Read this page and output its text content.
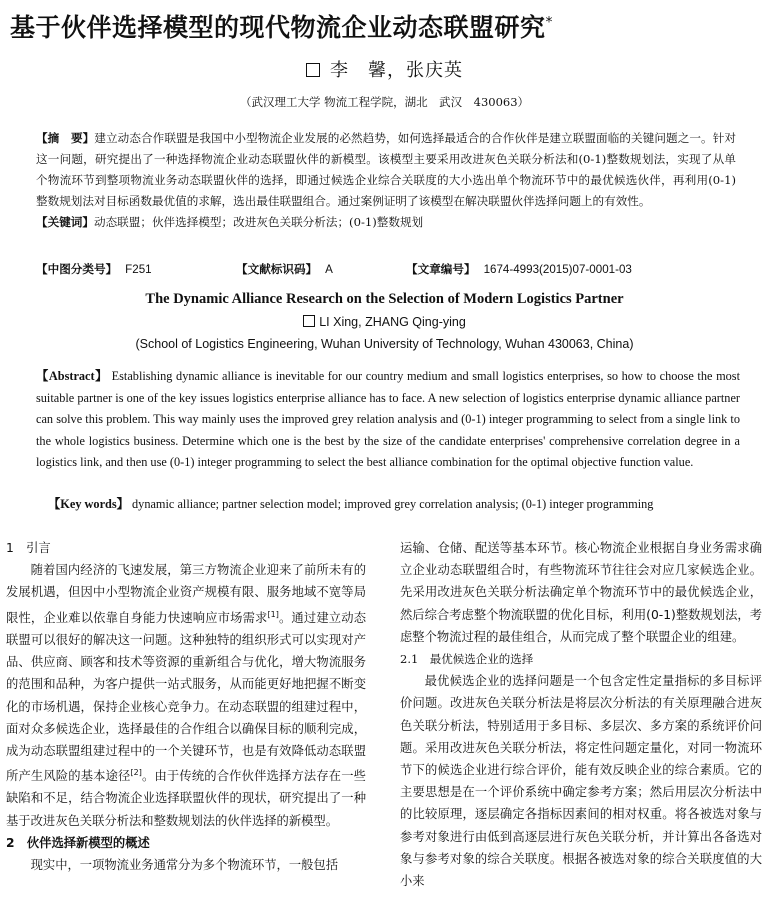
基于伙伴选择模型的现代物流企业动态联盟研究*
李　馨，张庆英
（武汉理工大学 物流工程学院，湖北　武汉　430063）
【摘　要】建立动态合作联盟是我国中小型物流企业发展的必然趋势，如何选择最适合的合作伙伴是建立联盟面临的关键问题之一。针对这一问题，研究提出了一种选择物流企业动态联盟伙伴的新模型。该模型主要采用改进灰色关联分析法和(0-1)整数规划法，实现了从单个物流环节到整项物流业务动态联盟伙伴的选择，即通过候选企业综合关联度的大小选出单个物流环节中的最优候选伙伴，再利用(0-1)整数规划法对目标函数最优值的求解，选出最佳联盟组合。通过案例证明了该模型在解决联盟伙伴选择问题上的有效性。
【关键词】动态联盟；伙伴选择模型；改进灰色关联分析法；(0-1)整数规划
【中图分类号】 F251	【文献标识码】 A	【文章编号】 1674-4993(2015)07-0001-03
The Dynamic Alliance Research on the Selection of Modern Logistics Partner
LI Xing, ZHANG Qing-ying
(School of Logistics Engineering, Wuhan University of Technology, Wuhan 430063, China)
【Abstract】 Establishing dynamic alliance is inevitable for our country medium and small logistics enterprises, so how to choose the most suitable partner is one of the key issues logistics enterprise alliance has to face. A new selection of logistics enterprise dynamic alliance partner can solve this problem. This way mainly uses the improved grey relation analysis and (0-1) integer programming to select from a single link to the whole logistics business. Determine which one is the best by the size of the candidate enterprises' comprehensive correlation degree in a logistics link, and then use (0-1) integer programming to select the best alliance combination for the optimal objective function value.
【Key words】 dynamic alliance; partner selection model; improved grey correlation analysis; (0-1) integer programming

1　引言

随着国内经济的飞速发展，第三方物流企业迎来了前所未有的发展机遇，但因中小型物流企业资产规模有限、服务地域不宽等局限性，企业难以依靠自身能力快速响应市场需求[1]。通过建立动态联盟可以很好的解决这一问题。这种独特的组织形式可以实现对产品、供应商、顾客和技术等资源的重新组合与优化，增大物流服务的范围和品种，为客户提供一站式服务，从而能更好地把握不断变化的市场机遇，保持企业核心竞争力。在动态联盟的组建过程中，面对众多候选企业，选择最佳的合作组合以确保目标的顺利完成，成为动态联盟组建过程中的一个关键环节，也是有效降低动态联盟所产生风险的基本途径[2]。由于传统的合作伙伴选择方法存在一些缺陷和不足，结合物流企业选择联盟伙伴的现状，研究提出了一种基于改进灰色关联分析法和整数规划法的伙伴选择的新模型。

2　伙伴选择新模型的概述

现实中，一项物流业务通常分为多个物流环节，一般包括

运输、仓储、配送等基本环节。核心物流企业根据自身业务需求确立企业动态联盟组合时，有些物流环节往往会对应几家候选企业。先采用改进灰色关联分析法确定单个物流环节中的最优候选企业，然后综合考虑整个物流联盟的优化目标，利用(0-1)整数规划法，考虑整个物流过程的最佳组合，从而完成了整个联盟企业的组建。

2.1　最优候选企业的选择

最优候选企业的选择问题是一个包含定性定量指标的多目标评价问题。改进灰色关联分析法是将层次分析法的有关原理融合进灰色关联分析法，特别适用于多目标、多层次、多方案的系统评价问题。采用改进灰色关联分析法，将定性问题定量化，对同一物流环节下的候选企业进行综合评价，能有效反映企业的综合素质。它的主要思想是在一个评价系统中确定参考方案；然后用层次分析法中的比较原理，逐层确定各指标因素间的相对权重。将各被选对象与参考对象进行由低到高逐层进行灰色关联分析，并计算出各备选对象与参考对象的综合关联度。根据各被选对象的综合关联度值的大小来
